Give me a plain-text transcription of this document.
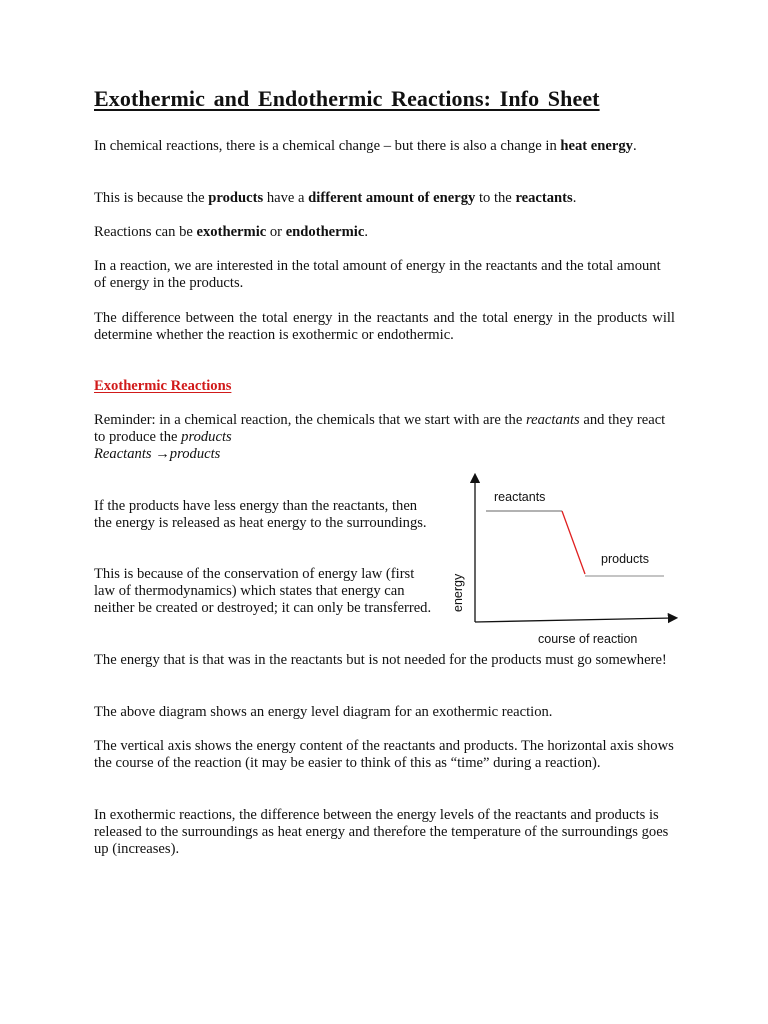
Exothermic and Endothermic Reactions: Info Sheet

In chemical reactions, there is a chemical change – but there is also a change in heat energy.

This is because the products have a different amount of energy to the reactants.

Reactions can be exothermic or endothermic.

In a reaction, we are interested in the total amount of energy in the reactants and the total amount of energy in the products.

The difference between the total energy in the reactants and the total energy in the products will determine whether the reaction is exothermic or endothermic.

Exothermic Reactions

Reminder: in a chemical reaction, the chemicals that we start with are the reactants and they react to produce the products
Reactants →products

If the products have less energy than the reactants, then the energy is released as heat energy to the surroundings.

This is because of the conservation of energy law (first law of thermodynamics) which states that energy can neither be created or destroyed; it can only be transferred.

The energy that is that was in the reactants but is not needed for the products must go somewhere!

The above diagram shows an energy level diagram for an exothermic reaction.

The vertical axis shows the energy content of the reactants and products. The horizontal axis shows the course of the reaction (it may be easier to think of this as “time” during a reaction).

In exothermic reactions, the difference between the energy levels of the reactants and products is released to the surroundings as heat energy and therefore the temperature of the surroundings goes up (increases).

reactants
products
energy
course of reaction
